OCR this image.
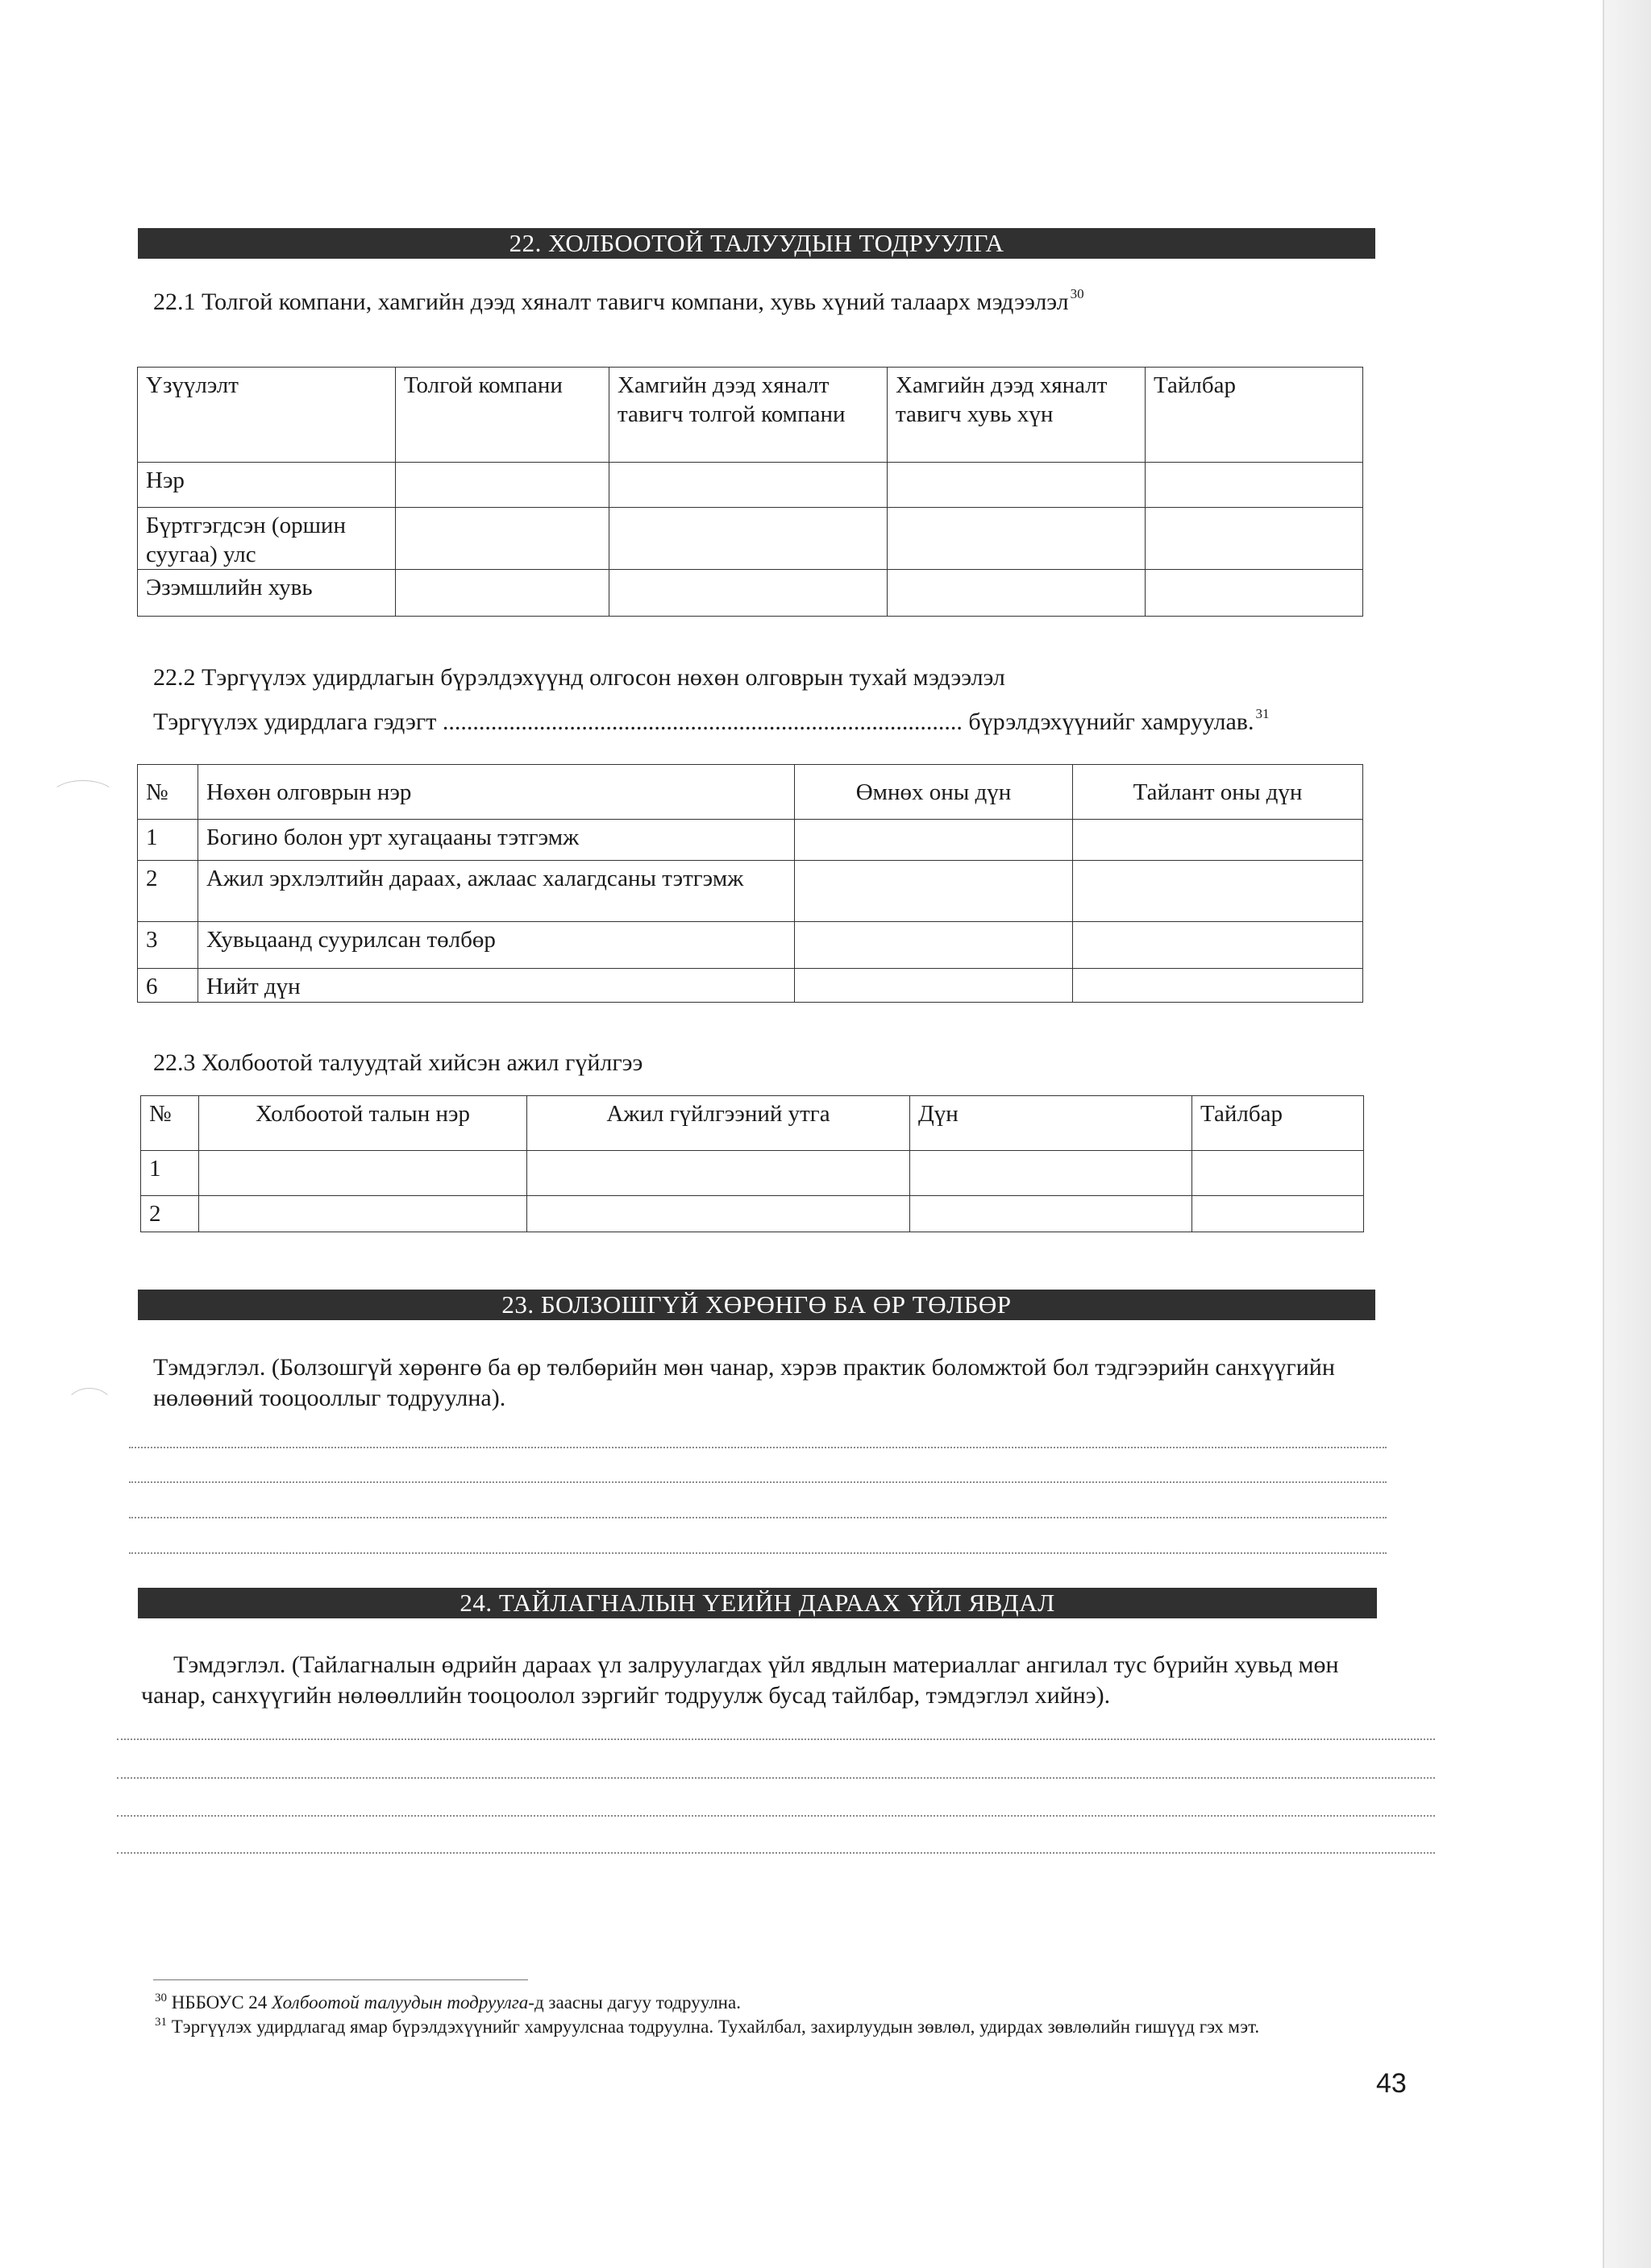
22. ХОЛБООТОЙ ТАЛУУДЫН ТОДРУУЛГА
22.1 Толгой компани, хамгийн дээд хяналт тавигч компани, хувь хүний талаарх мэдээлэл $^{30}$
Үзүүлэлт	Толгой компани	Хамгийн дээд хяналт тавигч толгой компани	Хамгийн дээд хяналт тавигч хувь хүн	Тайлбар
Нэр				
Бүртгэгдсэн (оршин суугаа) улс				
Эзэмшлийн хувь				
22.2 Тэргүүлэх удирдлагын бүрэлдэхүүнд олгосон нөхөн олговрын тухай мэдээлэл
Тэргүүлэх удирдлага гэдэгт ...................................................................................... бүрэлдэхүүнийг хамруулав. $^{31}$
№	Нөхөн олговрын нэр	Өмнөх оны дүн	Тайлант оны дүн
1	Богино болон урт хугацааны тэтгэмж		
2	Ажил эрхлэлтийн дараах, ажлаас халагдсаны тэтгэмж		
3	Хувьцаанд суурилсан төлбөр		
6	Нийт дүн		
22.3 Холбоотой талуудтай хийсэн ажил гүйлгээ
№	Холбоотой талын нэр	Ажил гүйлгээний утга	Дүн	Тайлбар
1				
2				
23. БОЛЗОШГҮЙ ХӨРӨНГӨ БА ӨР ТӨЛБӨР
Тэмдэглэл. (Болзошгүй хөрөнгө ба өр төлбөрийн мөн чанар, хэрэв практик боломжтой бол тэдгээрийн санхүүгийн нөлөөний тооцооллыг тодруулна).
24. ТАЙЛАГНАЛЫН ҮЕИЙН ДАРААХ ҮЙЛ ЯВДАЛ
Тэмдэглэл. (Тайлагналын өдрийн дараах үл залруулагдах үйл явдлын материаллаг ангилал тус бүрийн хувьд мөн чанар, санхүүгийн нөлөөллийн тооцоолол зэргийг тодруулж бусад тайлбар, тэмдэглэл хийнэ).
$^{30}$ НББОУС 24 Холбоотой талуудын тодруулга-д заасны дагуу тодруулна.
$^{31}$ Тэргүүлэх удирдлагад ямар бүрэлдэхүүнийг хамруулснаа тодруулна. Тухайлбал, захирлуудын зөвлөл, удирдах зөвлөлийн гишүүд гэх мэт.
43
